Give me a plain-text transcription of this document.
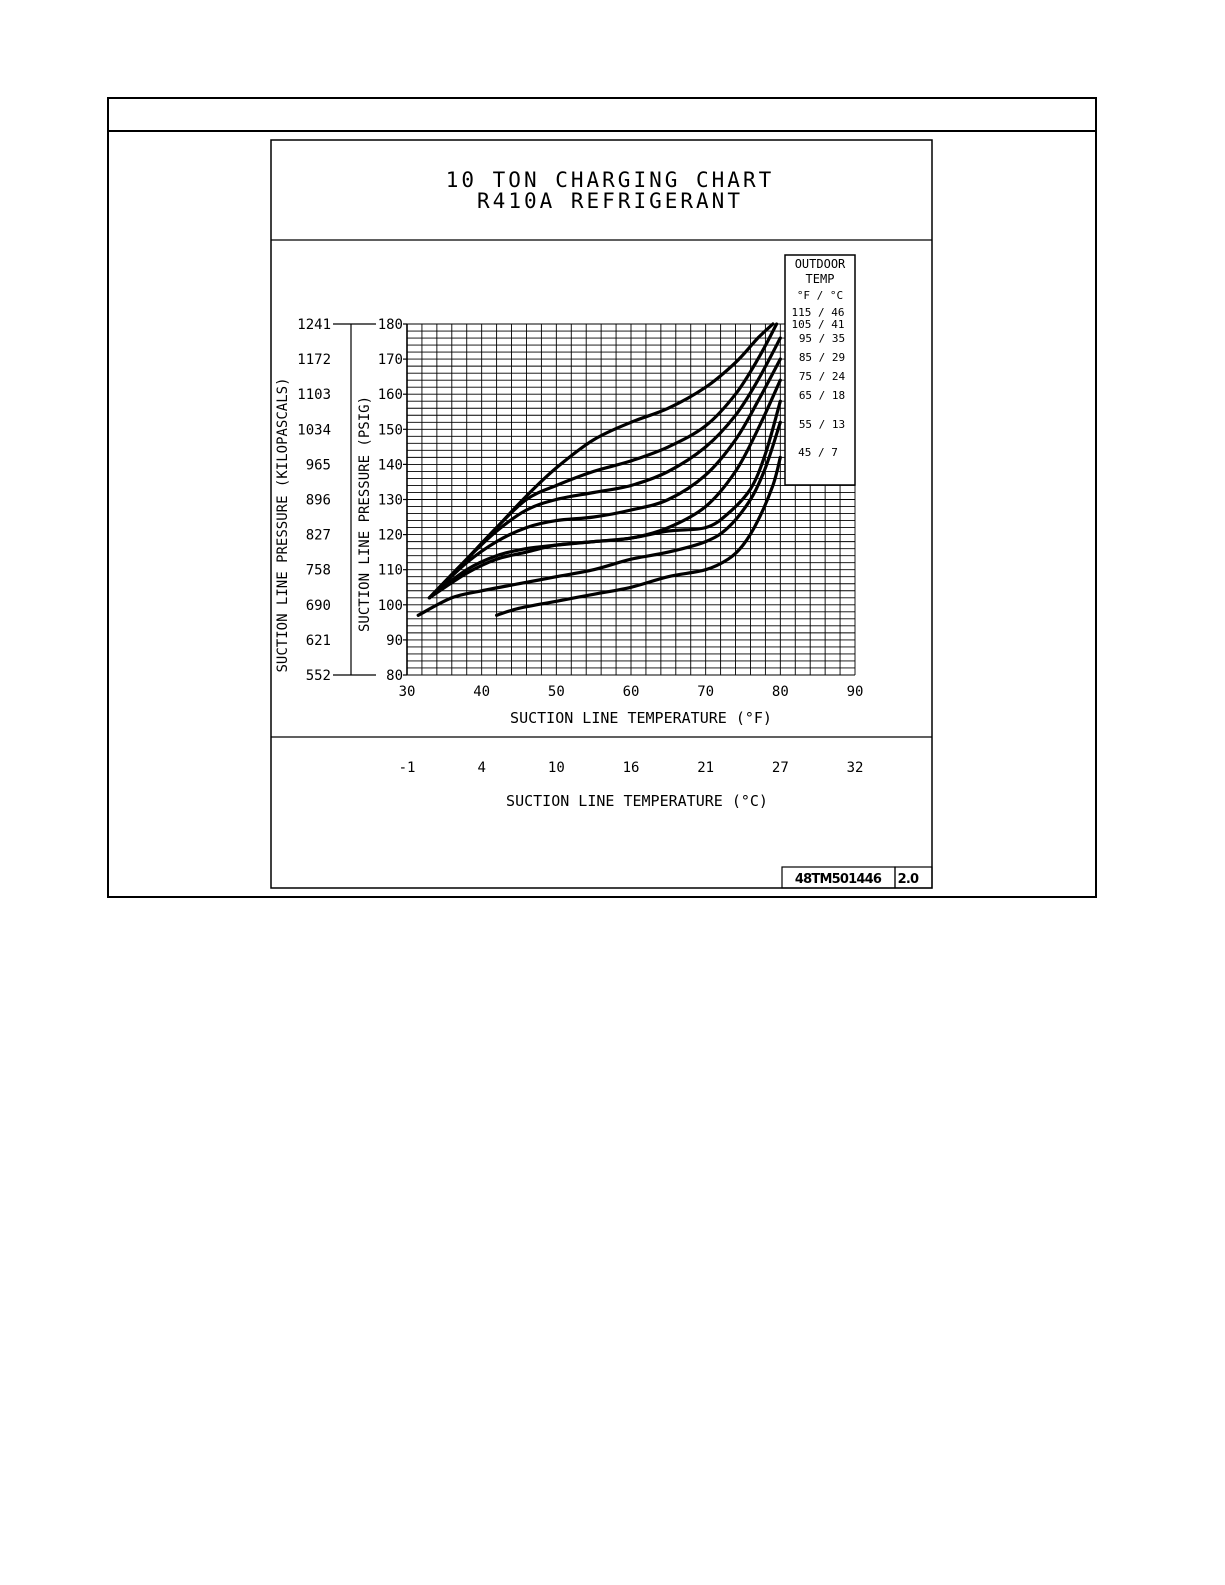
10 TON CHARGING CHART
R410A REFRIGERANT
80
90
100
110
120
130
140
150
160
170
180
552
621
690
758
827
896
965
1034
1103
1172
1241
30	40	50	60	70	80	90
-1	4	10	16	21	27	32
SUCTION LINE TEMPERATURE (°F)
SUCTION LINE TEMPERATURE (°C)
SUCTION LINE PRESSURE (PSIG)
SUCTION LINE PRESSURE (KILOPASCALS)
OUTDOOR
TEMP
°F / °C
115 / 46
105 / 41
95 / 35
85 / 29
75 / 24
65 / 18
55 / 13
45 / 7
48TM501446 2.0
